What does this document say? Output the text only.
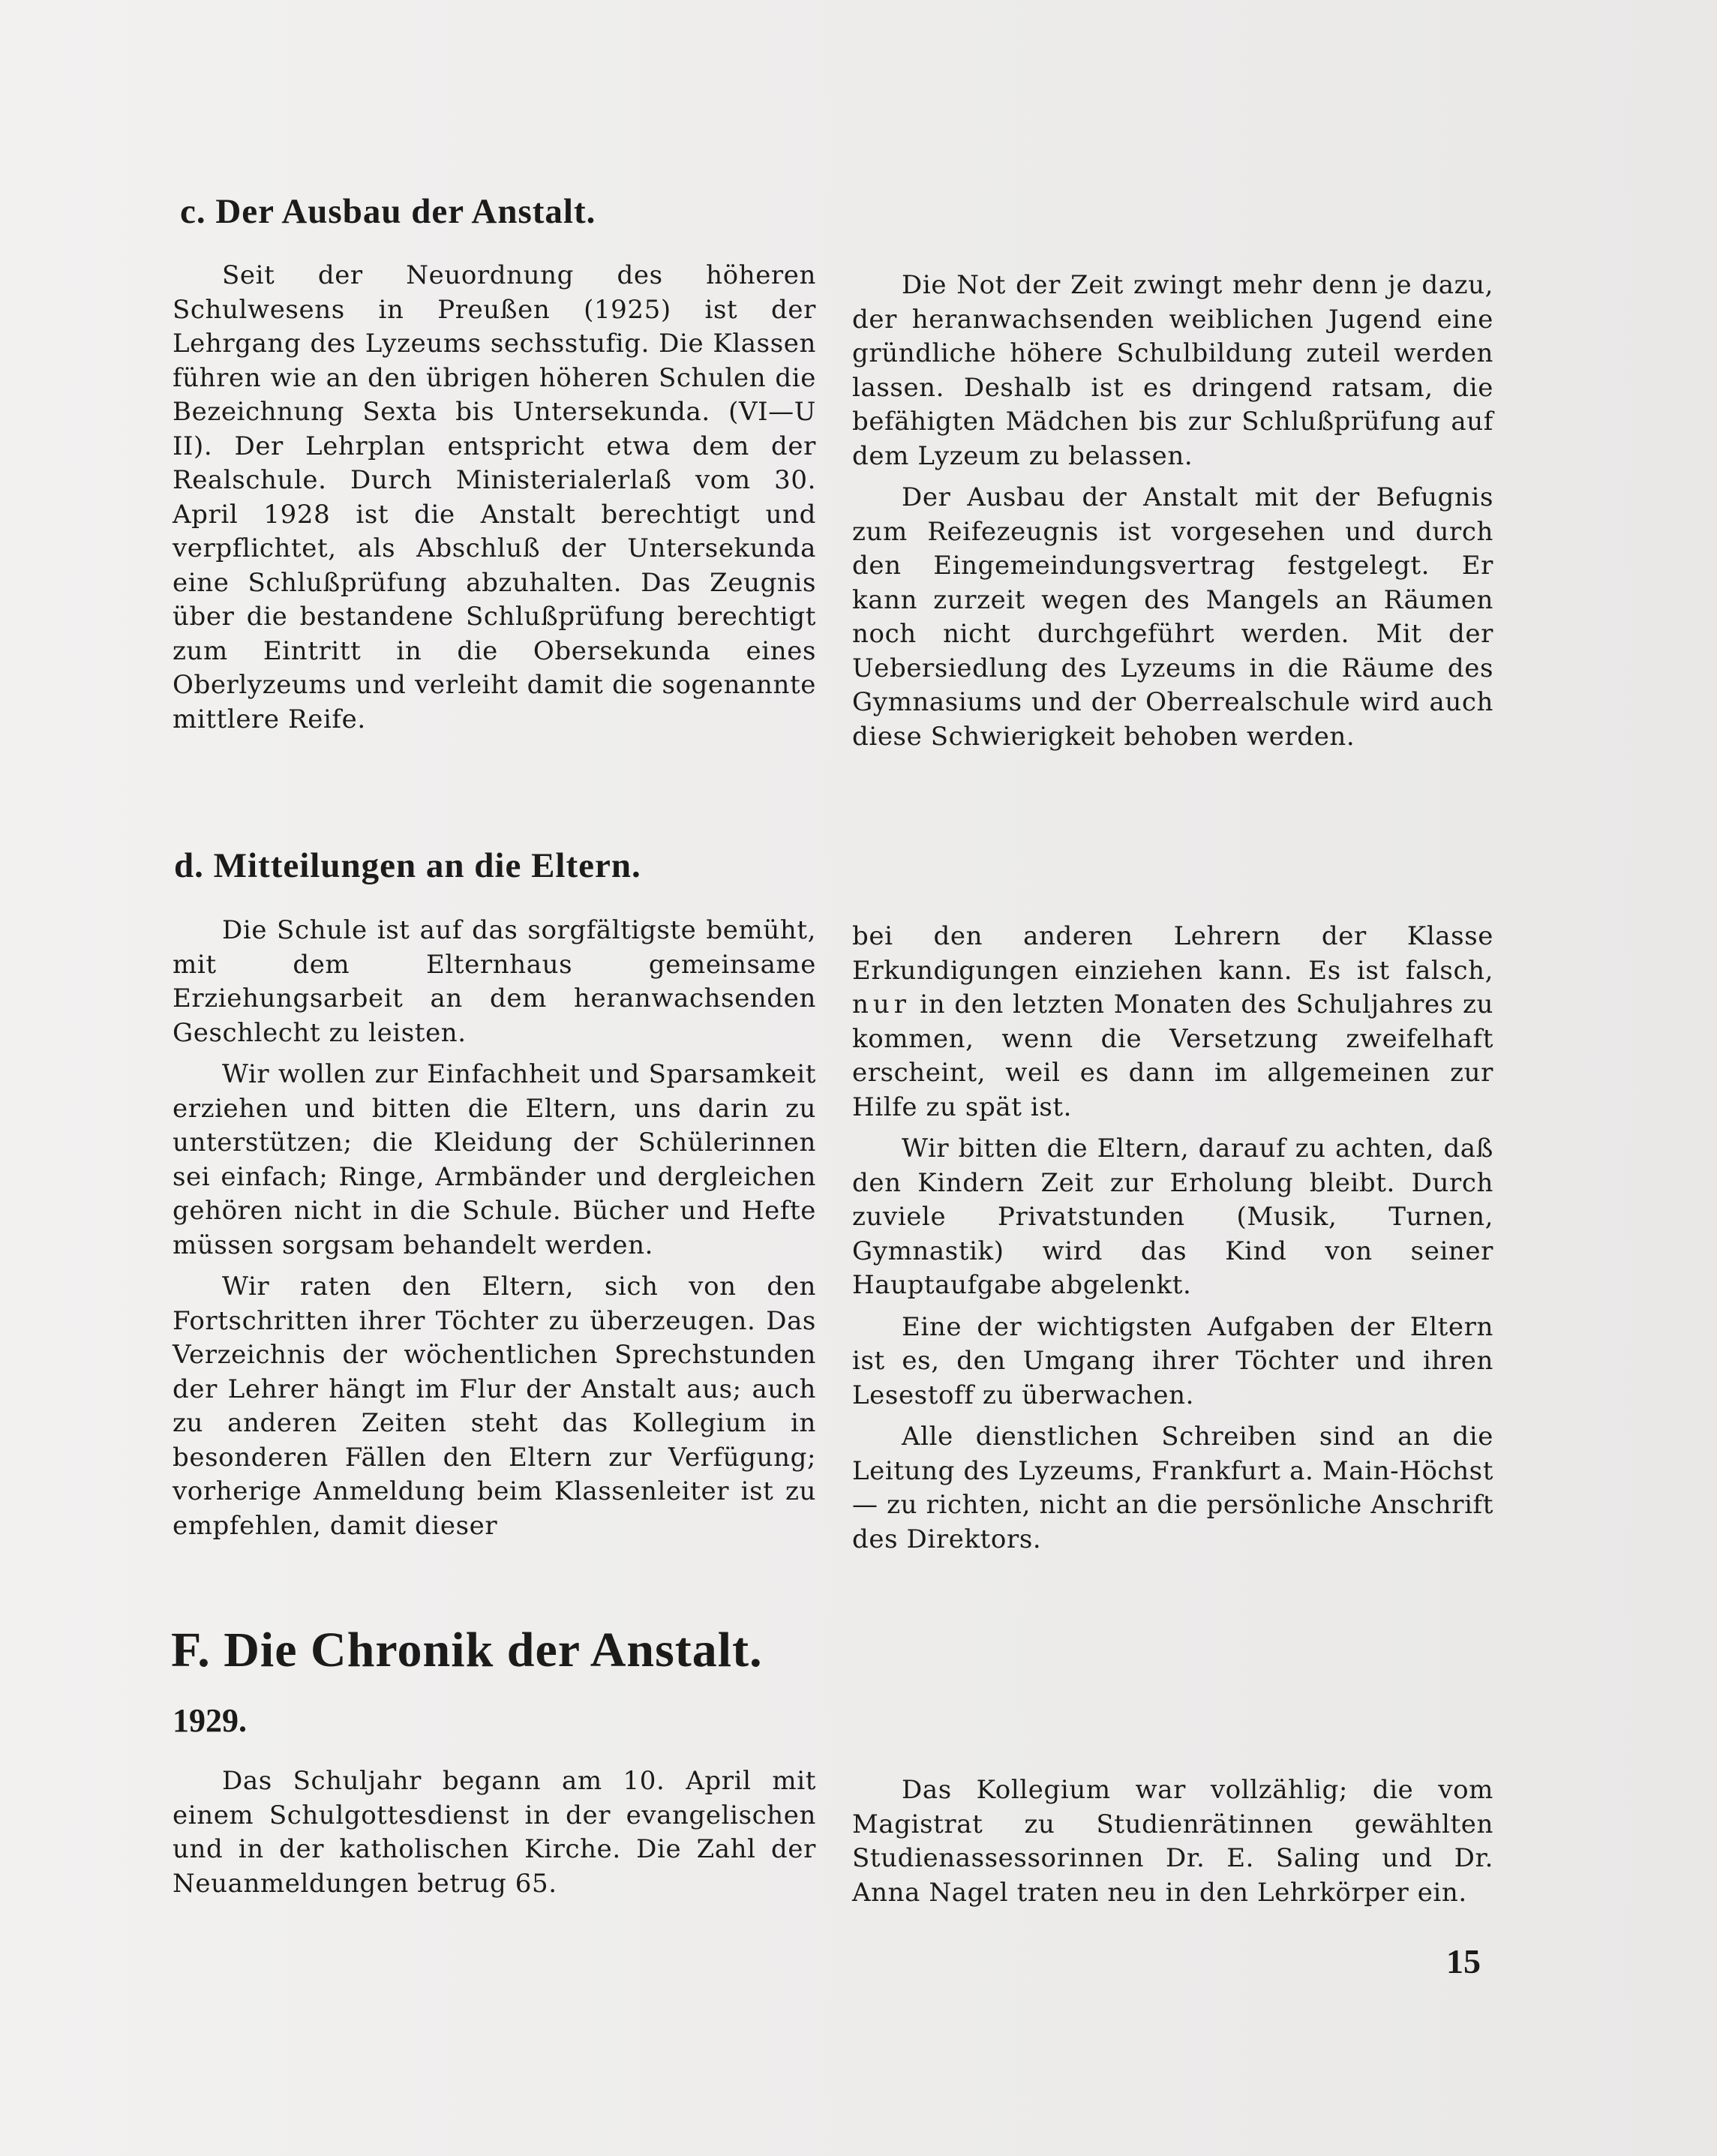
c. Der Ausbau der Anstalt.

Seit der Neuordnung des höheren Schulwesens in Preußen (1925) ist der Lehrgang des Lyzeums sechsstufig. Die Klassen führen wie an den übrigen höheren Schulen die Bezeichnung Sexta bis Untersekunda. (VI—U II). Der Lehrplan entspricht etwa dem der Realschule. Durch Ministerialerlaß vom 30. April 1928 ist die Anstalt berechtigt und verpflichtet, als Abschluß der Untersekunda eine Schlußprüfung abzuhalten. Das Zeugnis über die bestandene Schlußprüfung berechtigt zum Eintritt in die Obersekunda eines Oberlyzeums und verleiht damit die sogenannte mittlere Reife.

Die Not der Zeit zwingt mehr denn je dazu, der heranwachsenden weiblichen Jugend eine gründliche höhere Schulbildung zuteil werden lassen. Deshalb ist es dringend ratsam, die befähigten Mädchen bis zur Schlußprüfung auf dem Lyzeum zu belassen.

Der Ausbau der Anstalt mit der Befugnis zum Reifezeugnis ist vorgesehen und durch den Eingemeindungsvertrag festgelegt. Er kann zurzeit wegen des Mangels an Räumen noch nicht durchgeführt werden. Mit der Uebersiedlung des Lyzeums in die Räume des Gymnasiums und der Oberrealschule wird auch diese Schwierigkeit behoben werden.

d. Mitteilungen an die Eltern.

Die Schule ist auf das sorgfältigste bemüht, mit dem Elternhaus gemeinsame Erziehungsarbeit an dem heranwachsenden Geschlecht zu leisten.

Wir wollen zur Einfachheit und Sparsamkeit erziehen und bitten die Eltern, uns darin zu unterstützen; die Kleidung der Schülerinnen sei einfach; Ringe, Armbänder und dergleichen gehören nicht in die Schule. Bücher und Hefte müssen sorgsam behandelt werden.

Wir raten den Eltern, sich von den Fortschritten ihrer Töchter zu überzeugen. Das Verzeichnis der wöchentlichen Sprechstunden der Lehrer hängt im Flur der Anstalt aus; auch zu anderen Zeiten steht das Kollegium in besonderen Fällen den Eltern zur Verfügung; vorherige Anmeldung beim Klassenleiter ist zu empfehlen, damit dieser

bei den anderen Lehrern der Klasse Erkundigungen einziehen kann. Es ist falsch, nur in den letzten Monaten des Schuljahres zu kommen, wenn die Versetzung zweifelhaft erscheint, weil es dann im allgemeinen zur Hilfe zu spät ist.

Wir bitten die Eltern, darauf zu achten, daß den Kindern Zeit zur Erholung bleibt. Durch zuviele Privatstunden (Musik, Turnen, Gymnastik) wird das Kind von seiner Hauptaufgabe abgelenkt.

Eine der wichtigsten Aufgaben der Eltern ist es, den Umgang ihrer Töchter und ihren Lesestoff zu überwachen.

Alle dienstlichen Schreiben sind an die Leitung des Lyzeums, Frankfurt a. Main-Höchst — zu richten, nicht an die persönliche Anschrift des Direktors.

F. Die Chronik der Anstalt.
1929.

Das Schuljahr begann am 10. April mit einem Schulgottesdienst in der evangelischen und in der katholischen Kirche. Die Zahl der Neuanmeldungen betrug 65.

Das Kollegium war vollzählig; die vom Magistrat zu Studienrätinnen gewählten Studienassessorinnen Dr. E. Saling und Dr. Anna Nagel traten neu in den Lehrkörper ein.

15
